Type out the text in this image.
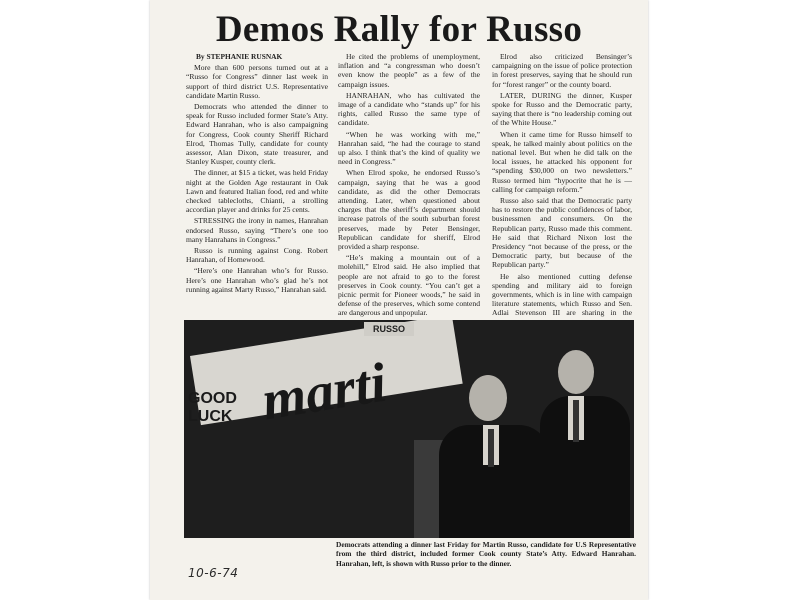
Demos Rally for Russo

By STEPHANIE RUSNAK

More than 600 persons turned out at a “Russo for Congress” dinner last week in support of third district U.S. Representative candidate Martin Russo.

Democrats who attended the dinner to speak for Russo included former State’s Atty. Edward Hanrahan, who is also campaigning for Congress, Cook county Sheriff Richard Elrod, Thomas Tully, candidate for county assessor, Alan Dixon, state treasurer, and Stanley Kusper, county clerk.

The dinner, at $15 a ticket, was held Friday night at the Golden Age restaurant in Oak Lawn and featured Italian food, red and white checked tablecloths, Chianti, a strolling accordian player and drinks for 25 cents.

STRESSING the irony in names, Hanrahan endorsed Russo, saying “There’s one too many Hanrahans in Congress.”

Russo is running against Cong. Robert Hanrahan, of Homewood.

“Here’s one Hanrahan who’s for Russo. Here’s one Hanrahan who’s glad he’s not running against Marty Russo,” Hanrahan said.

He cited the problems of unemployment, inflation and “a congressman who doesn’t even know the people” as a few of the campaign issues.

HANRAHAN, who has cultivated the image of a candidate who “stands up” for his rights, called Russo the same type of candidate.

“When he was working with me,” Hanrahan said, “he had the courage to stand up also. I think that’s the kind of quality we need in Congress.”

When Elrod spoke, he endorsed Russo’s campaign, saying that he was a good candidate, as did the other Democrats attending. Later, when questioned about charges that the sheriff’s department should increase patrols of the south suburban forest preserves, made by Peter Bensinger, Republican candidate for sheriff, Elrod provided a sharp response.

“He’s making a mountain out of a molehill,” Elrod said. He also implied that people are not afraid to go to the forest preserves in Cook county. “You can’t get a picnic permit for Pioneer woods,” he said in defense of the preserves, which some contend are dangerous and unpopular.

Elrod also criticized Bensinger’s campaigning on the issue of police protection in forest preserves, saying that he should run for “forest ranger” or the county board.

LATER, DURING the dinner, Kusper spoke for Russo and the Democratic party, saying that there is “no leadership coming out of the White House.”

When it came time for Russo himself to speak, he talked mainly about politics on the national level. But when he did talk on the local issues, he attacked his opponent for “spending $30,000 on two newsletters.” Russo termed him “hypocrite that he is — calling for campaign reform.”

Russo also said that the Democratic party has to restore the public confidences of labor, businessmen and consumers. On the Republican party, Russo made this comment. He said that Richard Nixon lost the Presidency “not because of the press, or the Democratic party, but because of the Republican party.”

He also mentioned cutting defense spending and military aid to foreign governments, which is in line with campaign literature statements, which Russo and Sen. Adlai Stevenson III are sharing in the

GOOD LUCK marti
RUSSO
Democrats attending a dinner last Friday for Martin Russo, candidate for U.S Representative from the third district, included former Cook county State’s Atty. Edward Hanrahan. Hanrahan, left, is shown with Russo prior to the dinner.
10-6-74
